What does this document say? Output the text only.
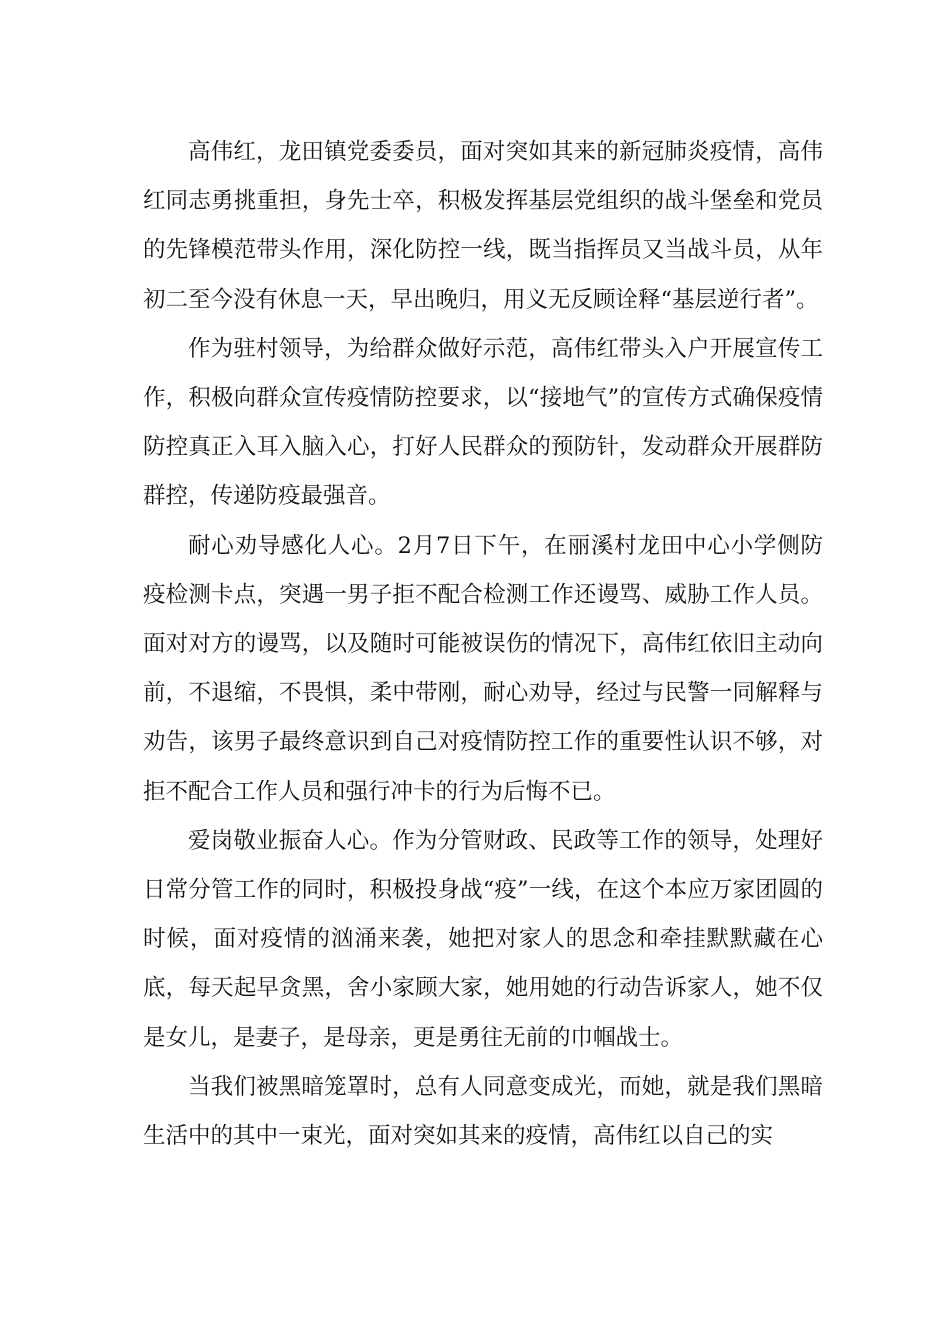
高伟红，龙田镇党委委员，面对突如其来的新冠肺炎疫情，高伟红同志勇挑重担，身先士卒，积极发挥基层党组织的战斗堡垒和党员的先锋模范带头作用，深化防控一线，既当指挥员又当战斗员，从年初二至今没有休息一天，早出晚归，用义无反顾诠释“基层逆行者”。

作为驻村领导，为给群众做好示范，高伟红带头入户开展宣传工作，积极向群众宣传疫情防控要求，以“接地气”的宣传方式确保疫情防控真正入耳入脑入心，打好人民群众的预防针，发动群众开展群防群控，传递防疫最强音。

耐心劝导感化人心。2月7日下午，在丽溪村龙田中心小学侧防疫检测卡点，突遇一男子拒不配合检测工作还谩骂、威胁工作人员。面对对方的谩骂，以及随时可能被误伤的情况下，高伟红依旧主动向前，不退缩，不畏惧，柔中带刚，耐心劝导，经过与民警一同解释与劝告，该男子最终意识到自己对疫情防控工作的重要性认识不够，对拒不配合工作人员和强行冲卡的行为后悔不已。

爱岗敬业振奋人心。作为分管财政、民政等工作的领导，处理好日常分管工作的同时，积极投身战“疫”一线，在这个本应万家团圆的时候，面对疫情的汹涌来袭，她把对家人的思念和牵挂默默藏在心底，每天起早贪黑，舍小家顾大家，她用她的行动告诉家人，她不仅是女儿，是妻子，是母亲，更是勇往无前的巾帼战士。

当我们被黑暗笼罩时，总有人同意变成光，而她，就是我们黑暗生活中的其中一束光，面对突如其来的疫情，高伟红以自己的实
